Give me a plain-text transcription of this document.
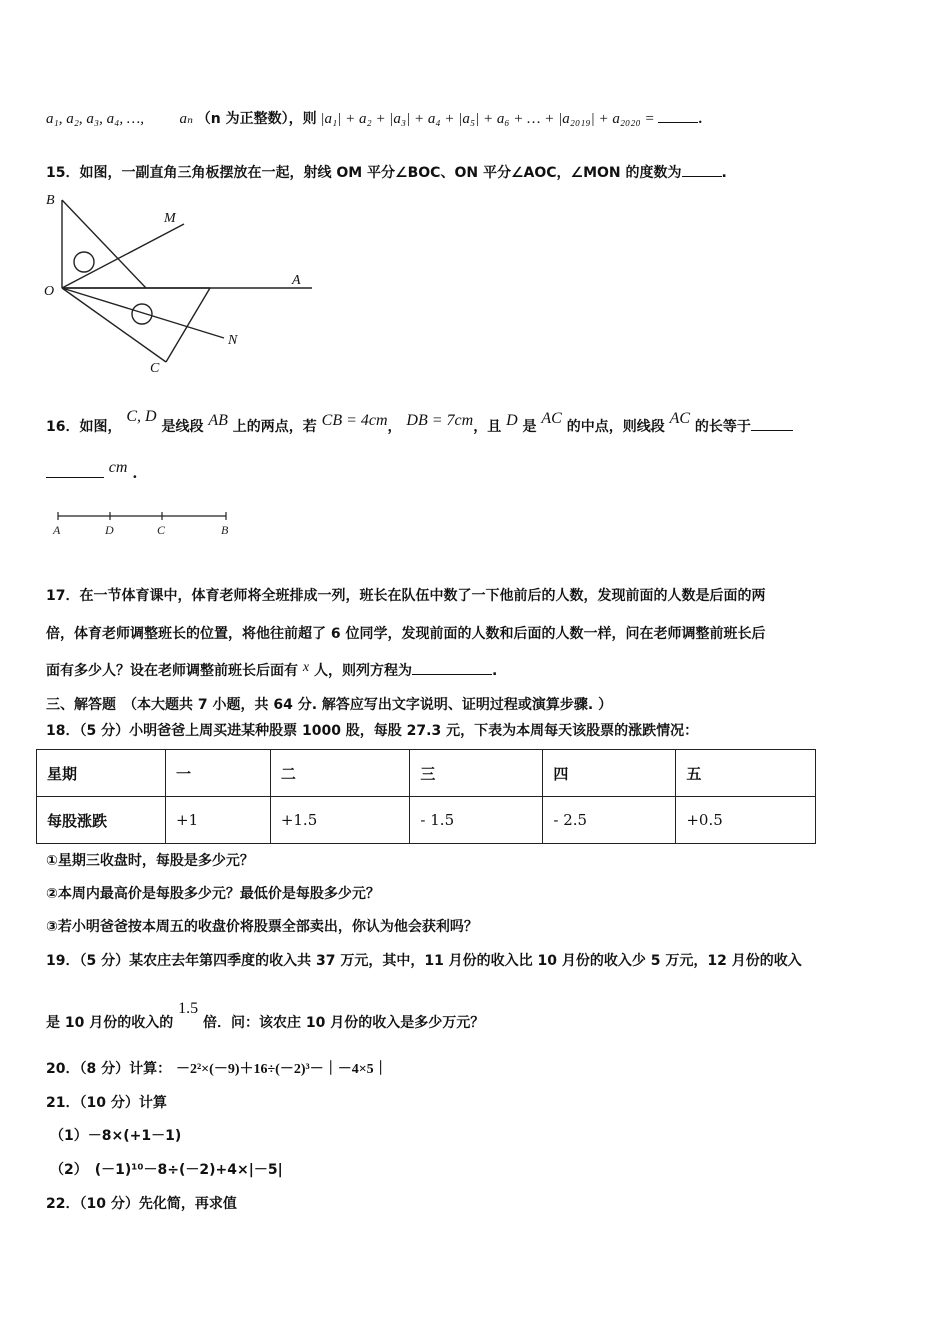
a₁, a₂, a₃, a₄, …, aₙ （n 为正整数），则 |a₁| + a₂ + |a₃| + a₄ + |a₅| + a₆ + … + |a₂₀₁₉| + a₂₀₂₀ =	.
15．如图，一副直角三角板摆放在一起，射线 OM 平分∠BOC、ON 平分∠AOC，∠MON 的度数为	.
B
M
O
A
N
C
16．如图， C, D 是线段 AB 上的两点，若 CB = 4cm， DB = 7cm，且 D 是 AC 的中点，则线段 AC 的长等于
cm .
A	D	C	B
17．在一节体育课中，体育老师将全班排成一列，班长在队伍中数了一下他前后的人数，发现前面的人数是后面的两
倍，体育老师调整班长的位置，将他往前超了 6 位同学，发现前面的人数和后面的人数一样，问在老师调整前班长后
面有多少人？设在老师调整前班长后面有 x 人，则列方程为	.
三、解答题　（本大题共 7 小题，共 64 分. 解答应写出文字说明、证明过程或演算步骤. ）
18．（5 分）小明爸爸上周买进某种股票 1000 股，每股 27.3 元，下表为本周每天该股票的涨跌情况：
星期	一	二	三	四	五
每股涨跌	+1	+1.5	- 1.5	- 2.5	+0.5
①星期三收盘时，每股是多少元？
②本周内最高价是每股多少元？最低价是每股多少元？
③若小明爸爸按本周五的收盘价将股票全部卖出，你认为他会获利吗？
19．（5 分）某农庄去年第四季度的收入共 37 万元，其中，11 月份的收入比 10 月份的收入少 5 万元，12 月份的收入
是 10 月份的收入的 1.5 倍．问：该农庄 10 月份的收入是多少万元？
20．（8 分）计算： －2²×(－9)＋16÷(－2)³－｜－4×5｜
21．（10 分）计算
（1）－8×(+1－1)
（2）　(－1)¹⁰－8÷(－2)+4×|－5|
22．（10 分）先化简，再求值
